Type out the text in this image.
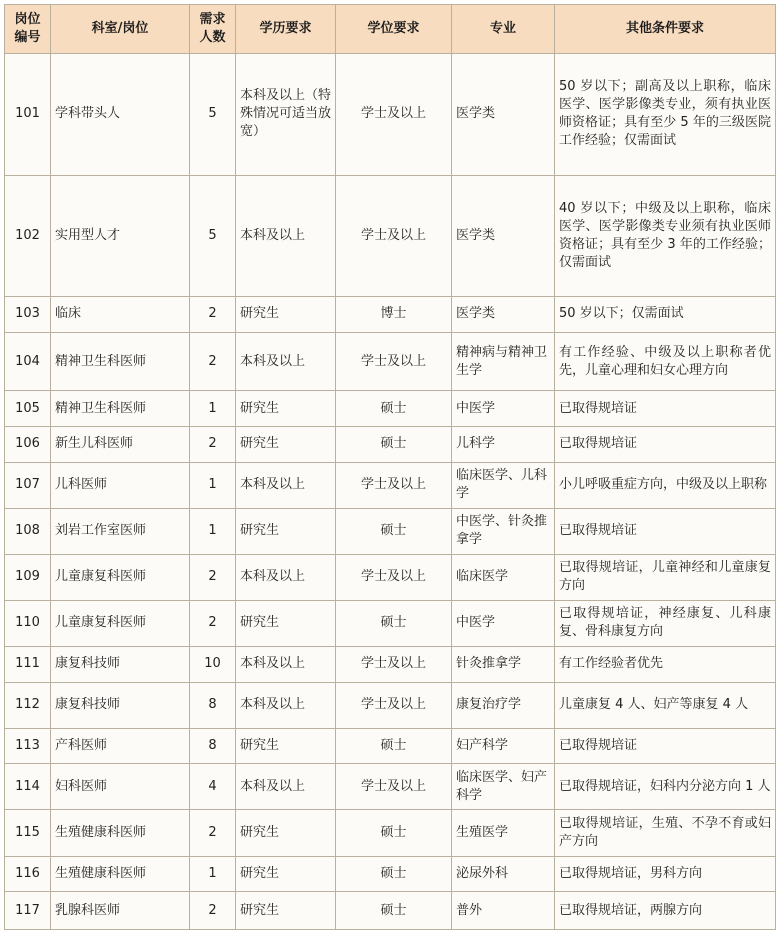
岗位编号	科室/岗位	需求人数	学历要求	学位要求	专业	其他条件要求
101	学科带头人	5	本科及以上（特殊情况可适当放宽）	学士及以上	医学类	50 岁以下；副高及以上职称，临床医学、医学影像类专业，须有执业医师资格证；具有至少 5 年的三级医院工作经验；仅需面试
102	实用型人才	5	本科及以上	学士及以上	医学类	40 岁以下；中级及以上职称，临床医学、医学影像类专业须有执业医师资格证；具有至少 3 年的工作经验；仅需面试
103	临床	2	研究生	博士	医学类	50 岁以下；仅需面试
104	精神卫生科医师	2	本科及以上	学士及以上	精神病与精神卫生学	有工作经验、中级及以上职称者优先，儿童心理和妇女心理方向
105	精神卫生科医师	1	研究生	硕士	中医学	已取得规培证
106	新生儿科医师	2	研究生	硕士	儿科学	已取得规培证
107	儿科医师	1	本科及以上	学士及以上	临床医学、儿科学	小儿呼吸重症方向，中级及以上职称
108	刘岩工作室医师	1	研究生	硕士	中医学、针灸推拿学	已取得规培证
109	儿童康复科医师	2	本科及以上	学士及以上	临床医学	已取得规培证，儿童神经和儿童康复方向
110	儿童康复科医师	2	研究生	硕士	中医学	已取得规培证，神经康复、儿科康复、骨科康复方向
111	康复科技师	10	本科及以上	学士及以上	针灸推拿学	有工作经验者优先
112	康复科技师	8	本科及以上	学士及以上	康复治疗学	儿童康复 4 人、妇产等康复 4 人
113	产科医师	8	研究生	硕士	妇产科学	已取得规培证
114	妇科医师	4	本科及以上	学士及以上	临床医学、妇产科学	已取得规培证，妇科内分泌方向 1 人
115	生殖健康科医师	2	研究生	硕士	生殖医学	已取得规培证，生殖、不孕不育或妇产方向
116	生殖健康科医师	1	研究生	硕士	泌尿外科	已取得规培证，男科方向
117	乳腺科医师	2	研究生	硕士	普外	已取得规培证，两腺方向
